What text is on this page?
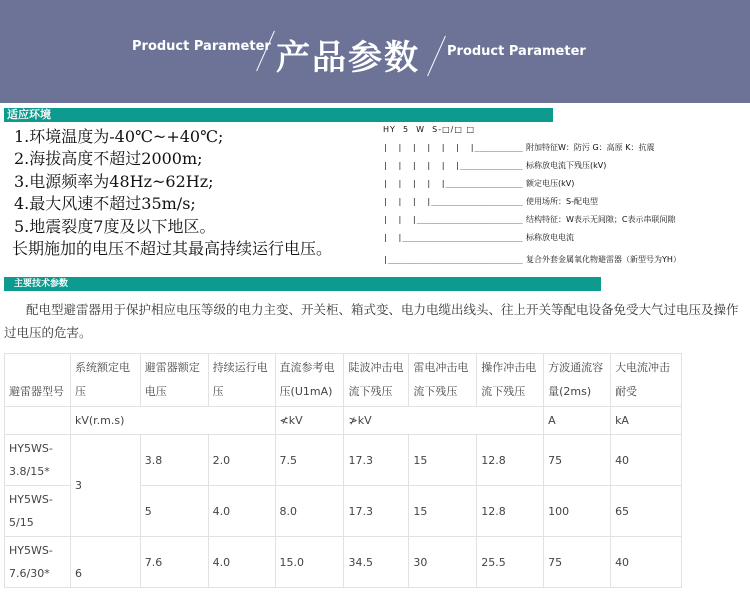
Product Parameter 产品参数 Product Parameter
适应环境
1.环境温度为-40℃~+40℃;
2.海拔高度不超过2000m;
3.电源频率为48Hz~62Hz;
4.最大风速不超过35m/s;
5.地震裂度7度及以下地区。
长期施加的电压不超过其最高持续运行电压。
HY  5  W  S-□/□ □
|  |  |  |  |  |  |__________ 附加特征W：防污 G：高原 K：抗震
|  |  |  |  |  |_____________ 标称放电流下残压(kV)
|  |  |  |  |________________ 额定电压(kV)
|  |  |  |___________________ 使用场所：S-配电型
|  |  |______________________ 结构特征：W表示无间隙；C表示串联间隙
|  |_________________________ 标称放电电流
|____________________________ 复合外套金属氧化物避雷器（新型号为YH）
主要技术参数

配电型避雷器用于保护相应电压等级的电力主变、开关柜、箱式变、电力电缆出线头、往上开关等配电设备免受大气过电压及操作过电压的危害。

避雷器型号	系统额定电压	避雷器额定电压	持续运行电压	直流参考电压(U1mA)	陡波冲击电流下残压	雷电冲击电流下残压	操作冲击电流下残压	方波通流容量(2ms)	大电流冲击耐受
	kV(r.m.s)			≮kV	≯kV			A	kA
HY5WS-3.8/15*	3	3.8	2.0	7.5	17.3	15	12.8	75	40
HY5WS-5/15		5	4.0	8.0	17.3	15	12.8	100	65
HY5WS-7.6/30*	6	7.6	4.0	15.0	34.5	30	25.5	75	40
